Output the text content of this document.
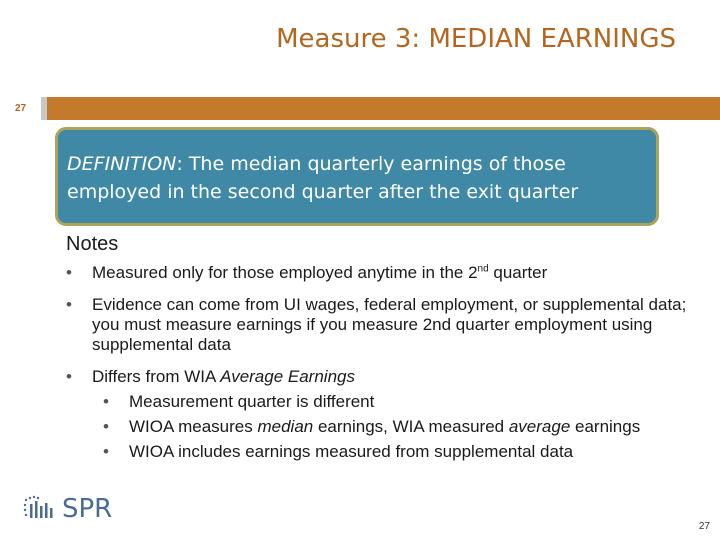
Measure 3: MEDIAN EARNINGS
27
DEFINITION: The median quarterly earnings of those employed in the second quarter after the exit quarter
Notes
• Measured only for those employed anytime in the 2nd quarter
• Evidence can come from UI wages, federal employment, or supplemental data; you must measure earnings if you measure 2nd quarter employment using supplemental data
• Differs from WIA Average Earnings
• Measurement quarter is different
• WIOA measures median earnings, WIA measured average earnings
• WIOA includes earnings measured from supplemental data
SPR
27
